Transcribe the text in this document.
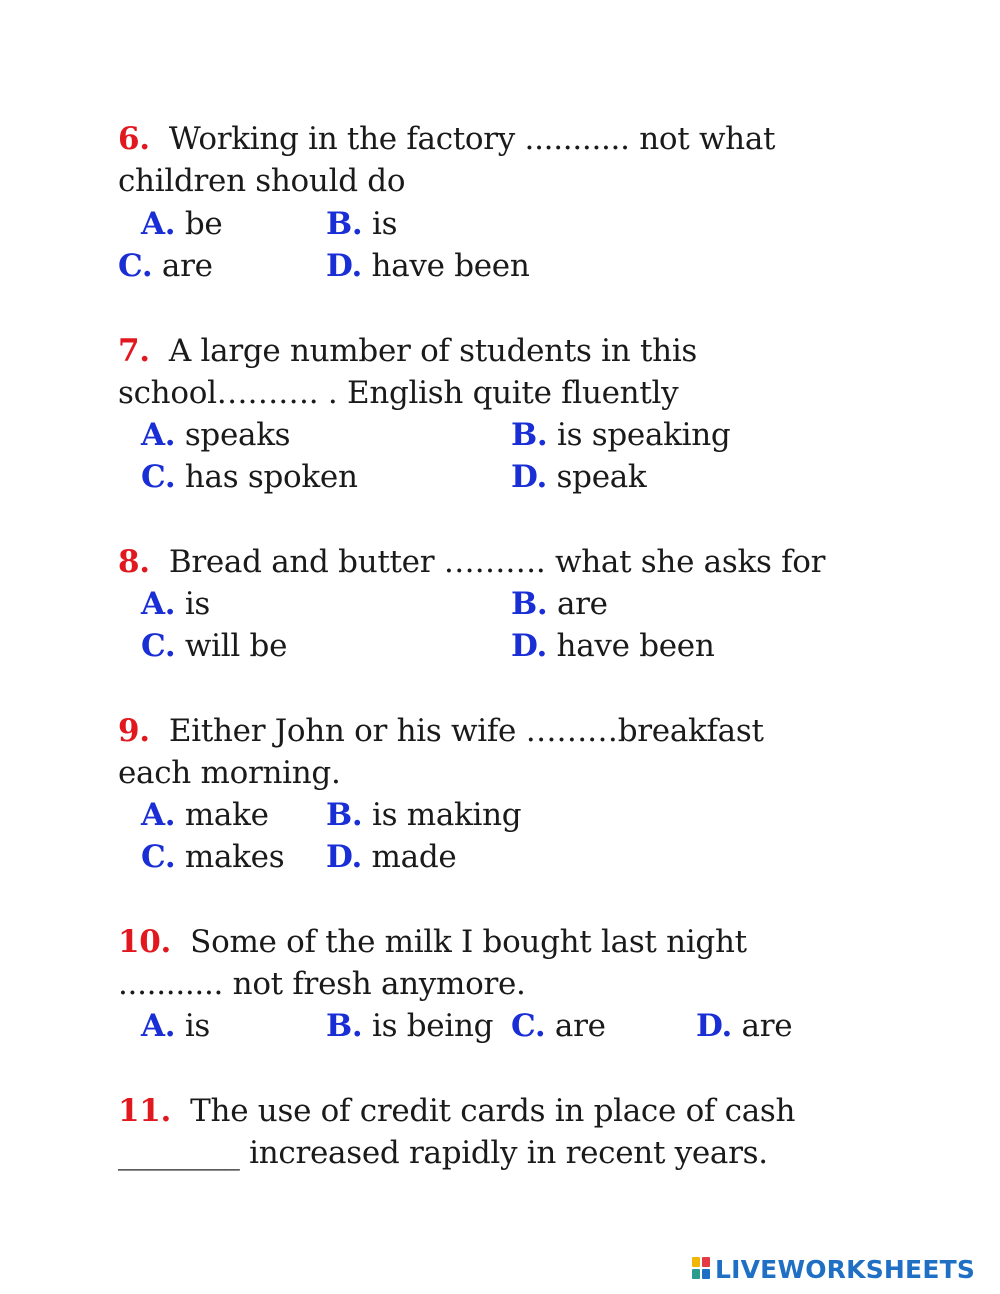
6. Working in the factory ........... not what
children should do
A. be	B. is
C. are	D. have been
7. A large number of students in this
school………. . English quite fluently
A. speaks	B. is speaking
C. has spoken	D. speak
8. Bread and butter ………. what she asks for
A. is	B. are
C. will be	D. have been
9. Either John or his wife ………breakfast
each morning.
A. make B. is making
C. makes D. made
10. Some of the milk I bought last night
........... not fresh anymore.
A. is	B. is being C. are	D. are
11. The use of credit cards in place of cash
________ increased rapidly in recent years.
LIVEWORKSHEETS
